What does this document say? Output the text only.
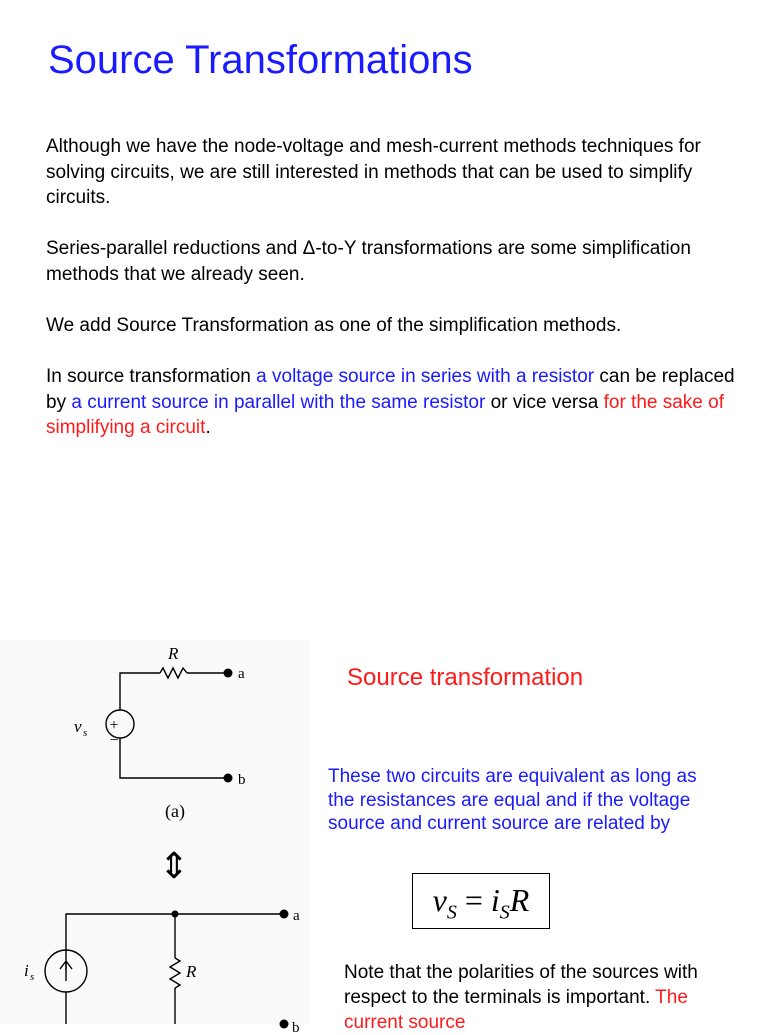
Source Transformations
Although we have the node-voltage and mesh-current methods techniques for solving circuits, we are still interested in methods that can be used to simplify circuits.
Series-parallel reductions and Δ-to-Y transformations are some simplification methods that we already seen.
We add Source Transformation as one of the simplification methods.
In source transformation a voltage source in series with a resistor can be replaced by a current source in parallel with the same resistor or vice versa for the sake of simplifying a circuit.
R
+
−
v s
a
b
(a)
⇕
i s	R
a
b
Source transformation
These two circuits are equivalent as long as the resistances are equal and if the voltage source and current source are related by
$v_S = i_SR$
Note that the polarities of the sources with respect to the terminals is important. The current source
